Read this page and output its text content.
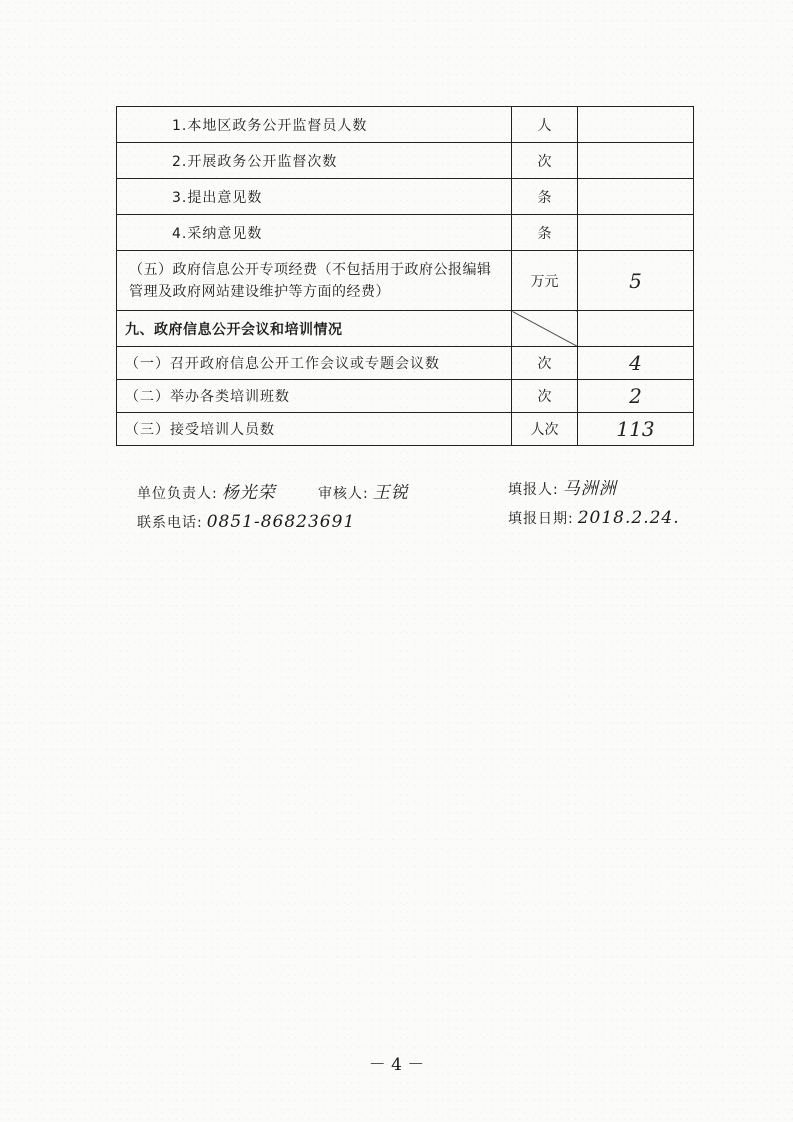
1.本地区政务公开监督员人数	人	
2.开展政务公开监督次数	次	
3.提出意见数	条	
4.采纳意见数	条	
（五）政府信息公开专项经费（不包括用于政府公报编辑管理及政府网站建设维护等方面的经费）	万元	5
九、政府信息公开会议和培训情况		
（一）召开政府信息公开工作会议或专题会议数	次	4
（二）举办各类培训班数	次	2
（三）接受培训人员数	人次	113
单位负责人: 杨光荣	审核人: 王锐	填报人: 马洲洲
联系电话: 0851-86823691	填报日期: 2018.2.24.
－ 4 －
